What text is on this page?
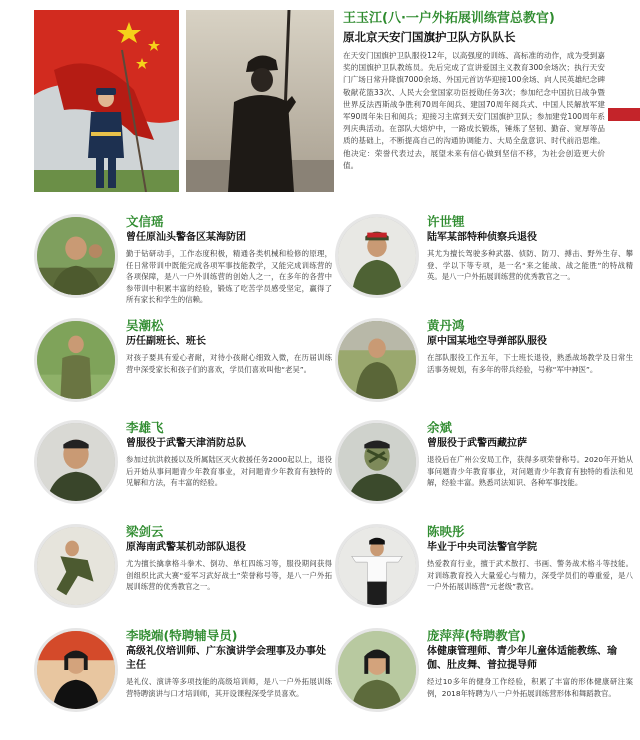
王玉江(八·一户外拓展训练营总教官)
原北京天安门国旗护卫队方队队长
在天安门国旗护卫队服役12年，以高强度的训练、高标准的动作，成为受到嘉奖的国旗护卫队教练员。先后完成了宣讲爱国主义教育300余场次；执行天安门广场日常升降旗7000余场、外国元首访华迎接100余场、向人民英雄纪念碑敬献花篮33次、人民大会堂国家功臣授勋任务3次；参加纪念中国抗日战争暨世界反法西斯战争胜利70周年阅兵、建国70周年阅兵式、中国人民解放军建军90周年朱日和阅兵；迎接习主席到天安门国旗护卫队；参加建党100周年系列庆典活动。在部队大熔炉中，一路成长锻炼，锤炼了坚韧、勤奋、宽厚等品质的基础上，不断提高自己的沟通协调能力、大局全盘意识、时代前沿思维。他决定：荣誉代表过去，展望未来有信心做到坚信不移，为社会创造更大价值。
文信瑶
曾任原汕头警备区某海防团
勤于钻研动手，工作态度积极，精通各类机械和检修的原理，任日常带训中既能完成各项军事技能教学，又能完成训练营的各项保障，是八一户外训练营的创始人之一，在多年的各营中参带训中积累丰富的经验，锻炼了吃苦学员感受坚定，赢得了所有家长和学生的信赖。
许世锂
陆军某部特种侦察兵退役
其尤为擅长驾驶多种武器、侦防、防刀、搏击、野外生存、攀登、学以下等专项，是一名“来之能战、战之能胜”的特战精英。是八一户外拓展训练营的优秀教官之一。
吴潮松
历任副班长、班长
对孩子要具有爱心者耐，对待小孩耐心细致入微，在历届训练营中深受家长和孩子们的喜欢，学员们喜欢叫他“老吴”。
黄丹鸿
原中国某地空导弹部队服役
在部队服役工作五年，下士班长退役，熟悉战场教学及日常生活事务规划，有多年的带兵经验，号称“军中神医”。
李雄飞
曾服役于武警天津消防总队
参加过抗洪救援以及所属陆区灭火救援任务2000起以上，退役后开始从事问题青少年教育事业，对问题青少年教育有独特的见解和方法，有丰富的经验。
余斌
曾服役于武警西藏拉萨
退役后在广州公安局工作，获得多项荣誉称号。2020年开始从事问题青少年教育事业，对问题青少年教育有独特的看法和见解，经验丰富。熟悉司法知识、各种军事技能。
梁剑云
原海南武警某机动部队退役
尤为擅长擒拿格斗拳术、倒功、单杠四练习等，服役期间获得创组织比武大赛“爱军习武好战士”荣誉称号等，是八一户外拓展训练营的优秀教官之一。
陈映彤
毕业于中央司法警官学院
热爱教育行业，擅于武术散打、书画、警务战术格斗等技能。对训练教育投入大量爱心与精力，深受学员们的尊重爱，是八一户外拓展训练营“元老级”教官。
李晓端(特聘辅导员)
高级礼仪培训师、广东演讲学会理事及办事处主任
是礼仪、演讲等多项技能的高级培训师，是八一户外拓展训练营特聘演讲与口才培训师，其开设课程深受学员喜欢。
庞萍萍(特聘教官)
体健康管理师、青少年儿童体适能教练、瑜伽、肚皮舞、普拉提导师
经过10多年的健身工作经验，积累了丰富的形体健康研注案例，2018年特聘为八一户外拓展训练营形体和舞蹈教官。
